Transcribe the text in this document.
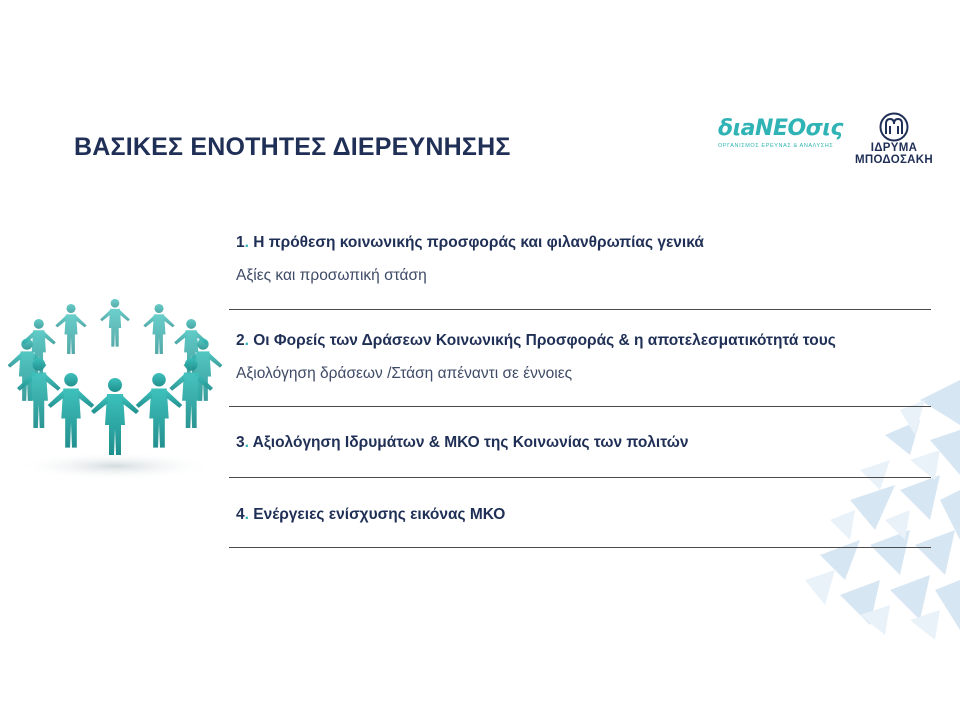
ΒΑΣΙΚΕΣ ΕΝΟΤΗΤΕΣ ΔΙΕΡΕΥΝΗΣΗΣ
διaNEOσις
ΟΡΓΑΝΙΣΜΟΣ ΕΡΕΥΝΑΣ & ΑΝΑΛΥΣΗΣ	ΙΔΡΥΜΑ
ΜΠΟΔΟΣΑΚΗ
1. Η πρόθεση κοινωνικής προσφοράς και φιλανθρωπίας γενικά
Αξίες και προσωπική στάση
2. Οι Φορείς των Δράσεων Κοινωνικής Προσφοράς & η αποτελεσματικότητά τους
Αξιολόγηση δράσεων /Στάση απέναντι σε έννοιες
3. Αξιολόγηση Ιδρυμάτων & ΜΚΟ της Κοινωνίας των πολιτών
4. Ενέργειες ενίσχυσης εικόνας ΜΚΟ
